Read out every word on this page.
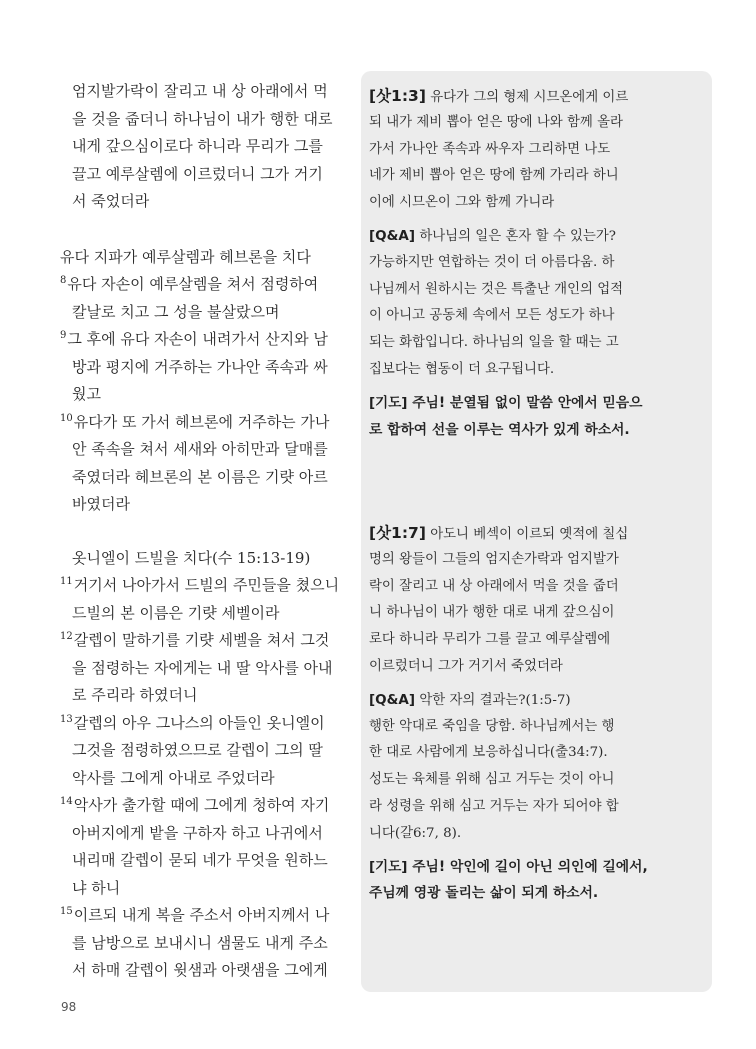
엄지발가락이 잘리고 내 상 아래에서 먹
을 것을 줍더니 하나님이 내가 행한 대로
내게 갚으심이로다 하니라 무리가 그를
끌고 예루살렘에 이르렀더니 그가 거기
서 죽었더라
유다 지파가 예루살렘과 헤브론을 치다
$^8$유다 자손이 예루살렘을 쳐서 점령하여
칼날로 치고 그 성을 불살랐으며
$^9$그 후에 유다 자손이 내려가서 산지와 남
방과 평지에 거주하는 가나안 족속과 싸
웠고
$^{10}$유다가 또 가서 헤브론에 거주하는 가나
안 족속을 쳐서 세새와 아히만과 달매를
죽였더라 헤브론의 본 이름은 기럇 아르
바였더라
옷니엘이 드빌을 치다(수 15:13-19)
$^{11}$거기서 나아가서 드빌의 주민들을 쳤으니
드빌의 본 이름은 기럇 세벨이라
$^{12}$갈렙이 말하기를 기럇 세벨을 쳐서 그것
을 점령하는 자에게는 내 딸 악사를 아내
로 주리라 하였더니
$^{13}$갈렙의 아우 그나스의 아들인 옷니엘이
그것을 점령하였으므로 갈렙이 그의 딸
악사를 그에게 아내로 주었더라
$^{14}$악사가 출가할 때에 그에게 청하여 자기
아버지에게 밭을 구하자 하고 나귀에서
내리매 갈렙이 묻되 네가 무엇을 원하느
냐 하니
$^{15}$이르되 내게 복을 주소서 아버지께서 나
를 남방으로 보내시니 샘물도 내게 주소
서 하매 갈렙이 윗샘과 아랫샘을 그에게
98
[삿1:3] 유다가 그의 형제 시므온에게 이르
되 내가 제비 뽑아 얻은 땅에 나와 함께 올라
가서 가나안 족속과 싸우자 그리하면 나도
네가 제비 뽑아 얻은 땅에 함께 가리라 하니
이에 시므온이 그와 함께 가니라
[Q&A] 하나님의 일은 혼자 할 수 있는가?
가능하지만 연합하는 것이 더 아름다움. 하
나님께서 원하시는 것은 특출난 개인의 업적
이 아니고 공동체 속에서 모든 성도가 하나
되는 화합입니다. 하나님의 일을 할 때는 고
집보다는 협동이 더 요구됩니다.
[기도] 주님! 분열됨 없이 말씀 안에서 믿음으
로 합하여 선을 이루는 역사가 있게 하소서.
[삿1:7] 아도니 베섹이 이르되 옛적에 칠십
명의 왕들이 그들의 엄지손가락과 엄지발가
락이 잘리고 내 상 아래에서 먹을 것을 줍더
니 하나님이 내가 행한 대로 내게 갚으심이
로다 하니라 무리가 그를 끌고 예루살렘에
이르렀더니 그가 거기서 죽었더라
[Q&A] 악한 자의 결과는?(1:5-7)
행한 악대로 죽임을 당함. 하나님께서는 행
한 대로 사람에게 보응하십니다(출34:7).
성도는 육체를 위해 심고 거두는 것이 아니
라 성령을 위해 심고 거두는 자가 되어야 합
니다(갈6:7, 8).
[기도] 주님! 악인에 길이 아닌 의인에 길에서,
주님께 영광 돌리는 삶이 되게 하소서.
